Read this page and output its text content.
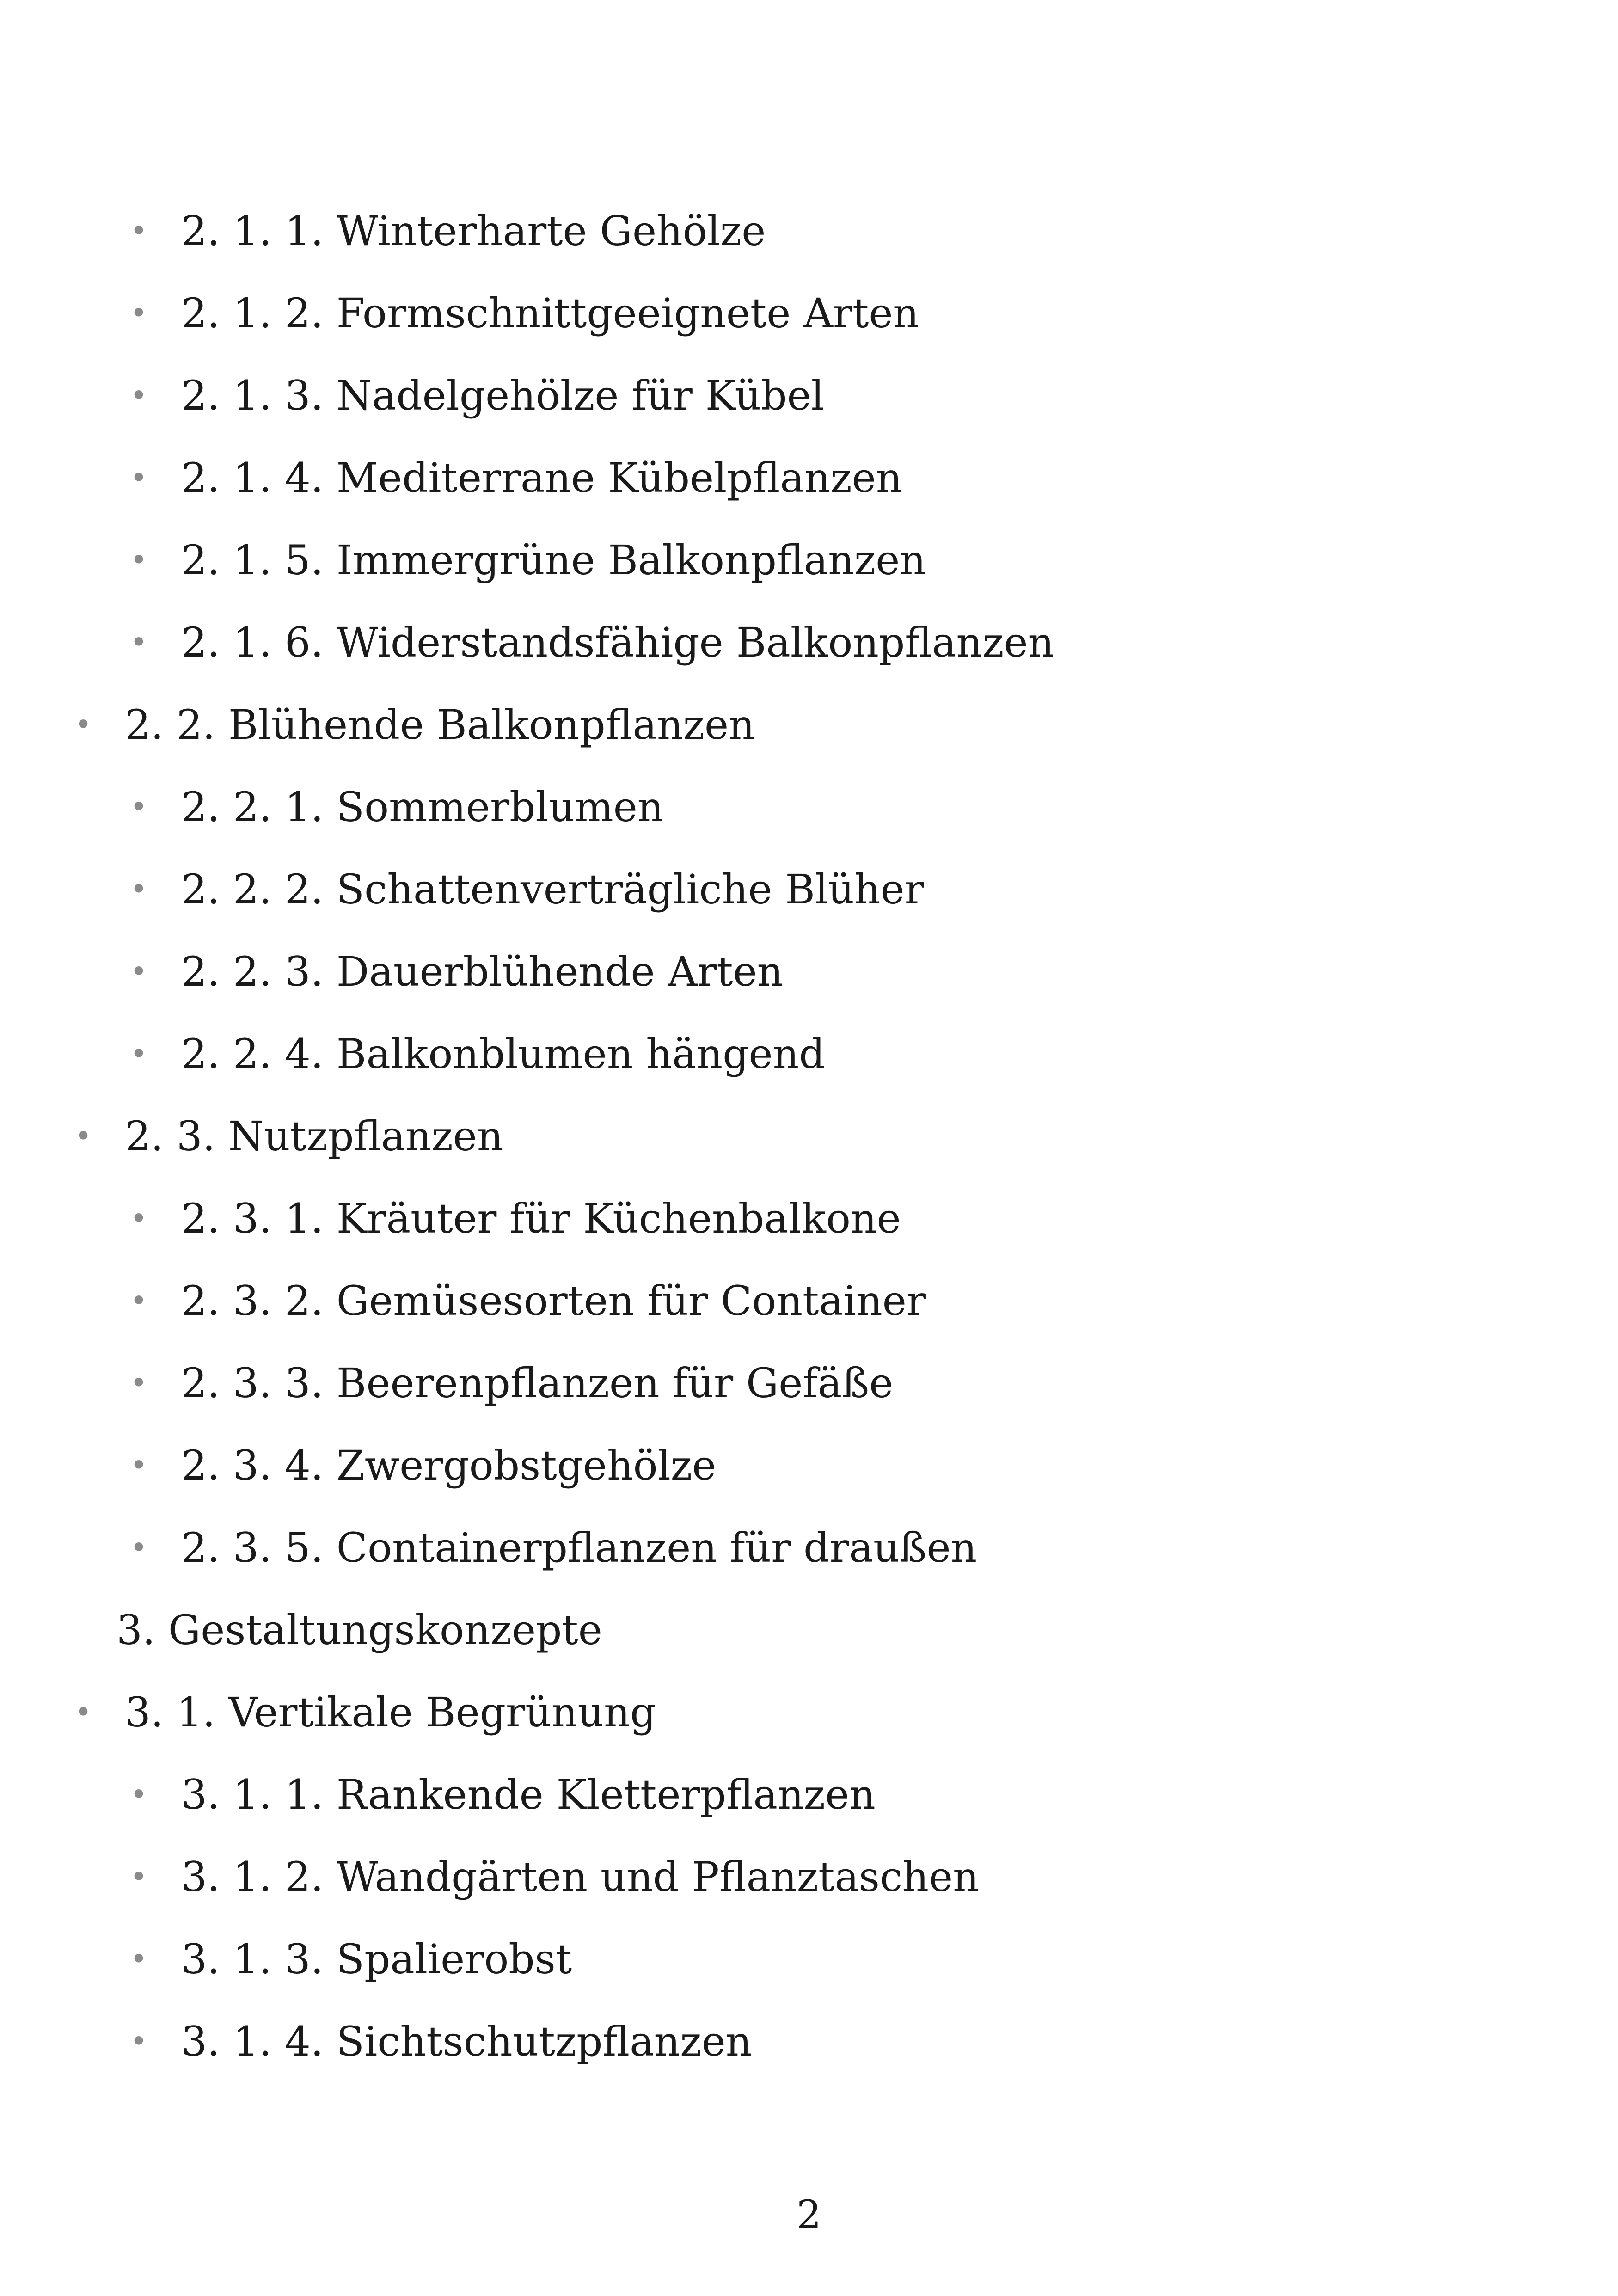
• 2. 1. 1. Winterharte Gehölze
• 2. 1. 2. Formschnittgeeignete Arten
• 2. 1. 3. Nadelgehölze für Kübel
• 2. 1. 4. Mediterrane Kübelpflanzen
• 2. 1. 5. Immergrüne Balkonpflanzen
• 2. 1. 6. Widerstandsfähige Balkonpflanzen
• 2. 2. Blühende Balkonpflanzen
• 2. 2. 1. Sommerblumen
• 2. 2. 2. Schattenverträgliche Blüher
• 2. 2. 3. Dauerblühende Arten
• 2. 2. 4. Balkonblumen hängend
• 2. 3. Nutzpflanzen
• 2. 3. 1. Kräuter für Küchenbalkone
• 2. 3. 2. Gemüsesorten für Container
• 2. 3. 3. Beerenpflanzen für Gefäße
• 2. 3. 4. Zwergobstgehölze
• 2. 3. 5. Containerpflanzen für draußen
3. Gestaltungskonzepte
• 3. 1. Vertikale Begrünung
• 3. 1. 1. Rankende Kletterpflanzen
• 3. 1. 2. Wandgärten und Pflanztaschen
• 3. 1. 3. Spalierobst
• 3. 1. 4. Sichtschutzpflanzen
2
